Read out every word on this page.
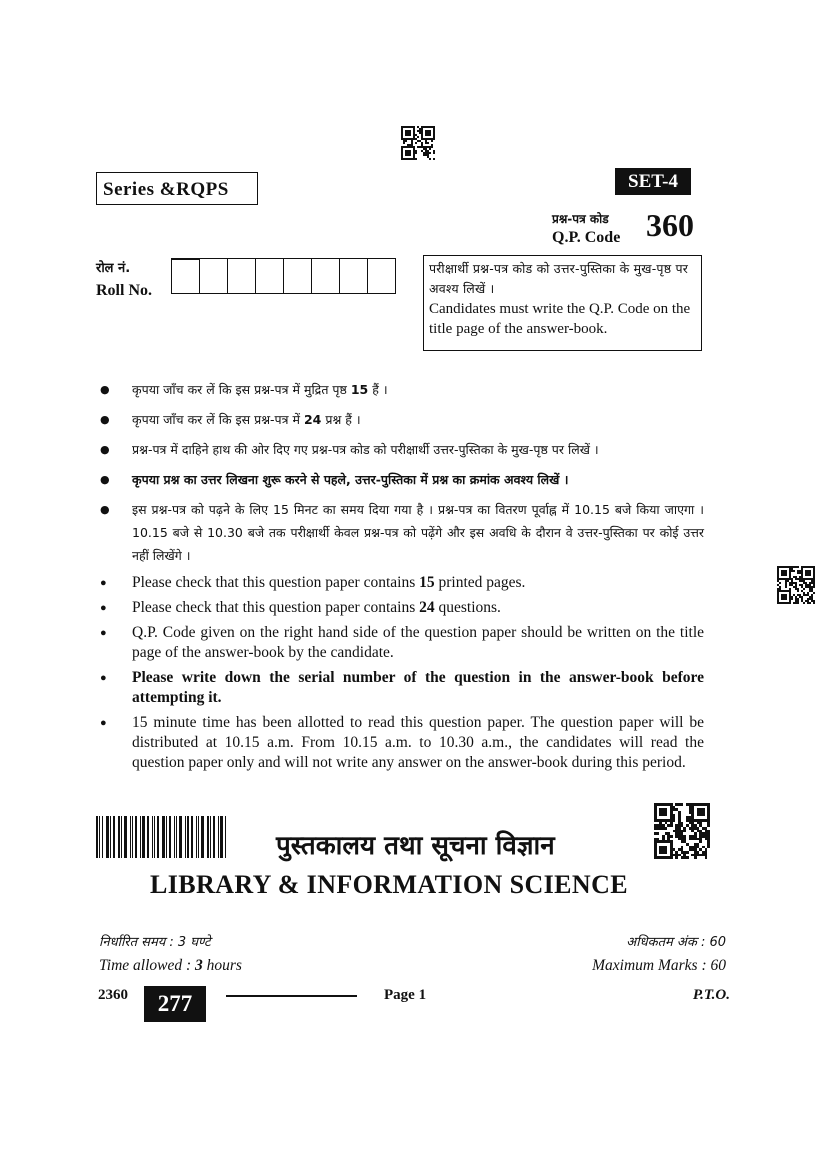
Series &RQPS	SET-4
प्रश्न-पत्र कोड
Q.P. Code 360
रोल नं.
Roll No.
परीक्षार्थी प्रश्न-पत्र कोड को उत्तर-पुस्तिका के मुख-पृष्ठ पर अवश्य लिखें ।
Candidates must write the Q.P. Code on the title page of the answer-book.
● कृपया जाँच कर लें कि इस प्रश्न-पत्र में मुद्रित पृष्ठ 15 हैं ।
● कृपया जाँच कर लें कि इस प्रश्न-पत्र में 24 प्रश्न हैं ।
● प्रश्न-पत्र में दाहिने हाथ की ओर दिए गए प्रश्न-पत्र कोड को परीक्षार्थी उत्तर-पुस्तिका के मुख-पृष्ठ पर लिखें ।
● कृपया प्रश्न का उत्तर लिखना शुरू करने से पहले, उत्तर-पुस्तिका में प्रश्न का क्रमांक अवश्य लिखें ।
● इस प्रश्न-पत्र को पढ़ने के लिए 15 मिनट का समय दिया गया है । प्रश्न-पत्र का वितरण पूर्वाह्न में 10.15 बजे किया जाएगा । 10.15 बजे से 10.30 बजे तक परीक्षार्थी केवल प्रश्न-पत्र को पढ़ेंगे और इस अवधि के दौरान वे उत्तर-पुस्तिका पर कोई उत्तर नहीं लिखेंगे ।
● Please check that this question paper contains 15 printed pages.
● Please check that this question paper contains 24 questions.
● Q.P. Code given on the right hand side of the question paper should be written on the title page of the answer-book by the candidate.
● Please write down the serial number of the question in the answer-book before attempting it.
● 15 minute time has been allotted to read this question paper. The question paper will be distributed at 10.15 a.m. From 10.15 a.m. to 10.30 a.m., the candidates will read the question paper only and will not write any answer on the answer-book during this period.
पुस्तकालय तथा सूचना विज्ञान
LIBRARY & INFORMATION SCIENCE
निर्धारित समय : 3 घण्टे
Time allowed : 3 hours
अधिकतम अंक : 60
Maximum Marks : 60
2360	277	Page 1	P.T.O.
